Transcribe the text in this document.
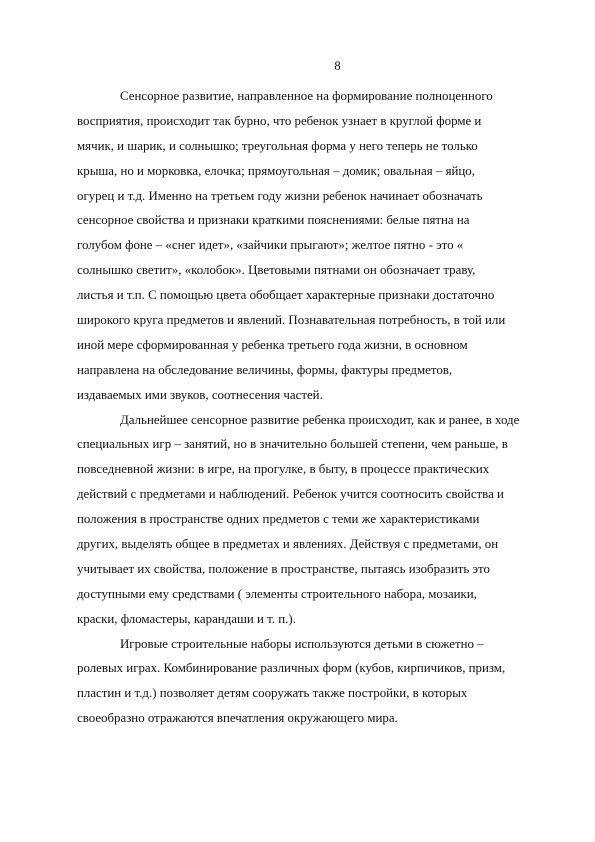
8
Сенсорное развитие, направленное на формирование полноценного
восприятия, происходит так бурно, что ребенок узнает в круглой форме и
мячик, и шарик, и солнышко; треугольная форма у него теперь не только
крыша, но и морковка, елочка; прямоугольная – домик; овальная – яйцо,
огурец и т.д. Именно на третьем году жизни ребенок начинает обозначать
сенсорное свойства и признаки краткими пояснениями: белые пятна на
голубом фоне – «снег идет», «зайчики прыгают»; желтое пятно - это «
солнышко светит», «колобок». Цветовыми пятнами он обозначает траву,
листья и т.п. С помощью цвета обобщает характерные признаки достаточно
широкого круга предметов и явлений. Познавательная потребность, в той или
иной мере сформированная у ребенка третьего года жизни, в основном
направлена на обследование величины, формы, фактуры предметов,
издаваемых ими звуков, соотнесения частей.
Дальнейшее сенсорное развитие ребенка происходит, как и ранее, в ходе
специальных игр – занятий, но в значительно большей степени, чем раньше, в
повседневной жизни: в игре, на прогулке, в быту, в процессе практических
действий с предметами и наблюдений. Ребенок учится соотносить свойства и
положения в пространстве одних предметов с теми же характеристиками
других, выделять общее в предметах и явлениях. Действуя с предметами, он
учитывает их свойства, положение в пространстве, пытаясь изобразить это
доступными ему средствами ( элементы строительного набора, мозаики,
краски, фломастеры, карандаши и т. п.).
Игровые строительные наборы используются детьми в сюжетно –
ролевых играх. Комбинирование различных форм (кубов, кирпичиков, призм,
пластин и т.д.) позволяет детям сооружать также постройки, в которых
своеобразно отражаются впечатления окружающего мира.
